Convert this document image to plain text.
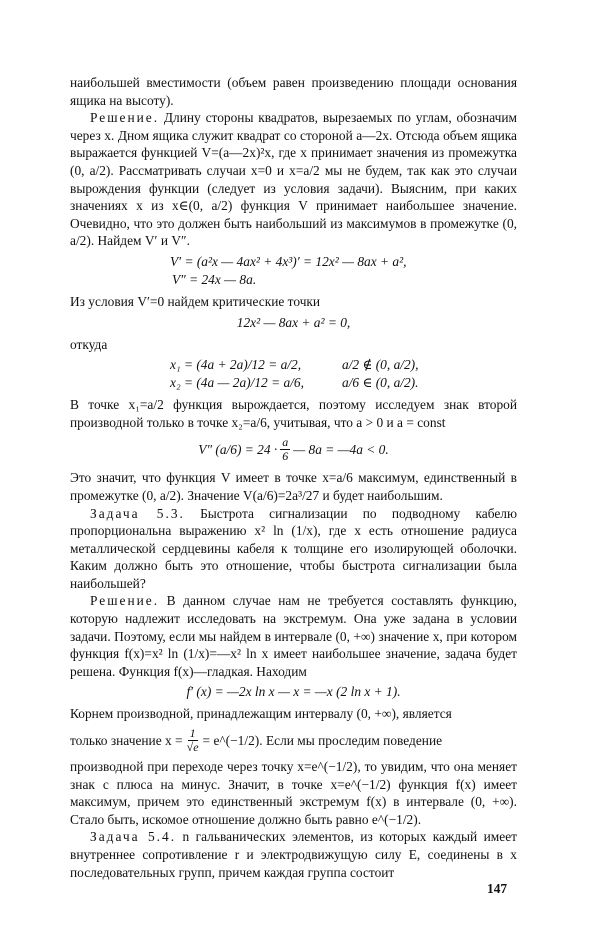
наибольшей вместимости (объем равен произведению площади основания ящика на высоту).

Решение. Длину стороны квадратов, вырезаемых по углам, обозначим через x. Дном ящика служит квадрат со стороной a—2x. Отсюда объем ящика выражается функцией V=(a—2x)²x, где x принимает значения из промежутка (0, a/2). Рассматривать случаи x=0 и x=a/2 мы не будем, так как это случаи вырождения функции (следует из условия задачи). Выясним, при каких значениях x из x∈(0, a/2) функция V принимает наибольшее значение. Очевидно, что это должен быть наибольший из максимумов в промежутке (0, a/2). Найдем V′ и V″.

V′ = (a²x — 4ax² + 4x³)′ = 12x² — 8ax + a²,
V″ = 24x — 8a.

Из условия V′=0 найдем критические точки

12x² — 8ax + a² = 0,

откуда

x₁ = (4a + 2a)/12 = a/2,	a/2 ∉ (0, a/2),
x₂ = (4a — 2a)/12 = a/6,	a/6 ∈ (0, a/2).

В точке x₁=a/2 функция вырождается, поэтому исследуем знак второй производной только в точке x₂=a/6, учитывая, что a > 0 и a = const

V″ $(a/6) = 24 \cdot \frac{a}{6}$ — 8a = —4a < 0.

Это значит, что функция V имеет в точке x=a/6 максимум, единственный в промежутке (0, a/2). Значение V(a/6)=2a³/27 и будет наибольшим.

Задача 5.3. Быстрота сигнализации по подводному кабелю пропорциональна выражению x² ln (1/x), где x есть отношение радиуса металлической сердцевины кабеля к толщине его изолирующей оболочки. Каким должно быть это отношение, чтобы быстрота сигнализации была наибольшей?

Решение. В данном случае нам не требуется составлять функцию, которую надлежит исследовать на экстремум. Она уже задана в условии задачи. Поэтому, если мы найдем в интервале (0, +∞) значение x, при котором функция f(x)=x² ln (1/x)=—x² ln x имеет наибольшее значение, задача будет решена. Функция f(x)—гладкая. Находим

f′ (x) = —2x ln x — x = —x (2 ln x + 1).

Корнем производной, принадлежащим интервалу (0, +∞), является

только значение $x = \frac{1}{√e}$ = e^(−1/2). Если мы проследим поведение

производной при переходе через точку x=e^(−1/2), то увидим, что она меняет знак с плюса на минус. Значит, в точке x=e^(−1/2) функция f(x) имеет максимум, причем это единственный экстремум f(x) в интервале (0, +∞). Стало быть, искомое отношение должно быть равно e^(−1/2).

Задача 5.4. n гальванических элементов, из которых каждый имеет внутреннее сопротивление r и электродвижущую силу E, соединены в x последовательных групп, причем каждая группа состоит

147
